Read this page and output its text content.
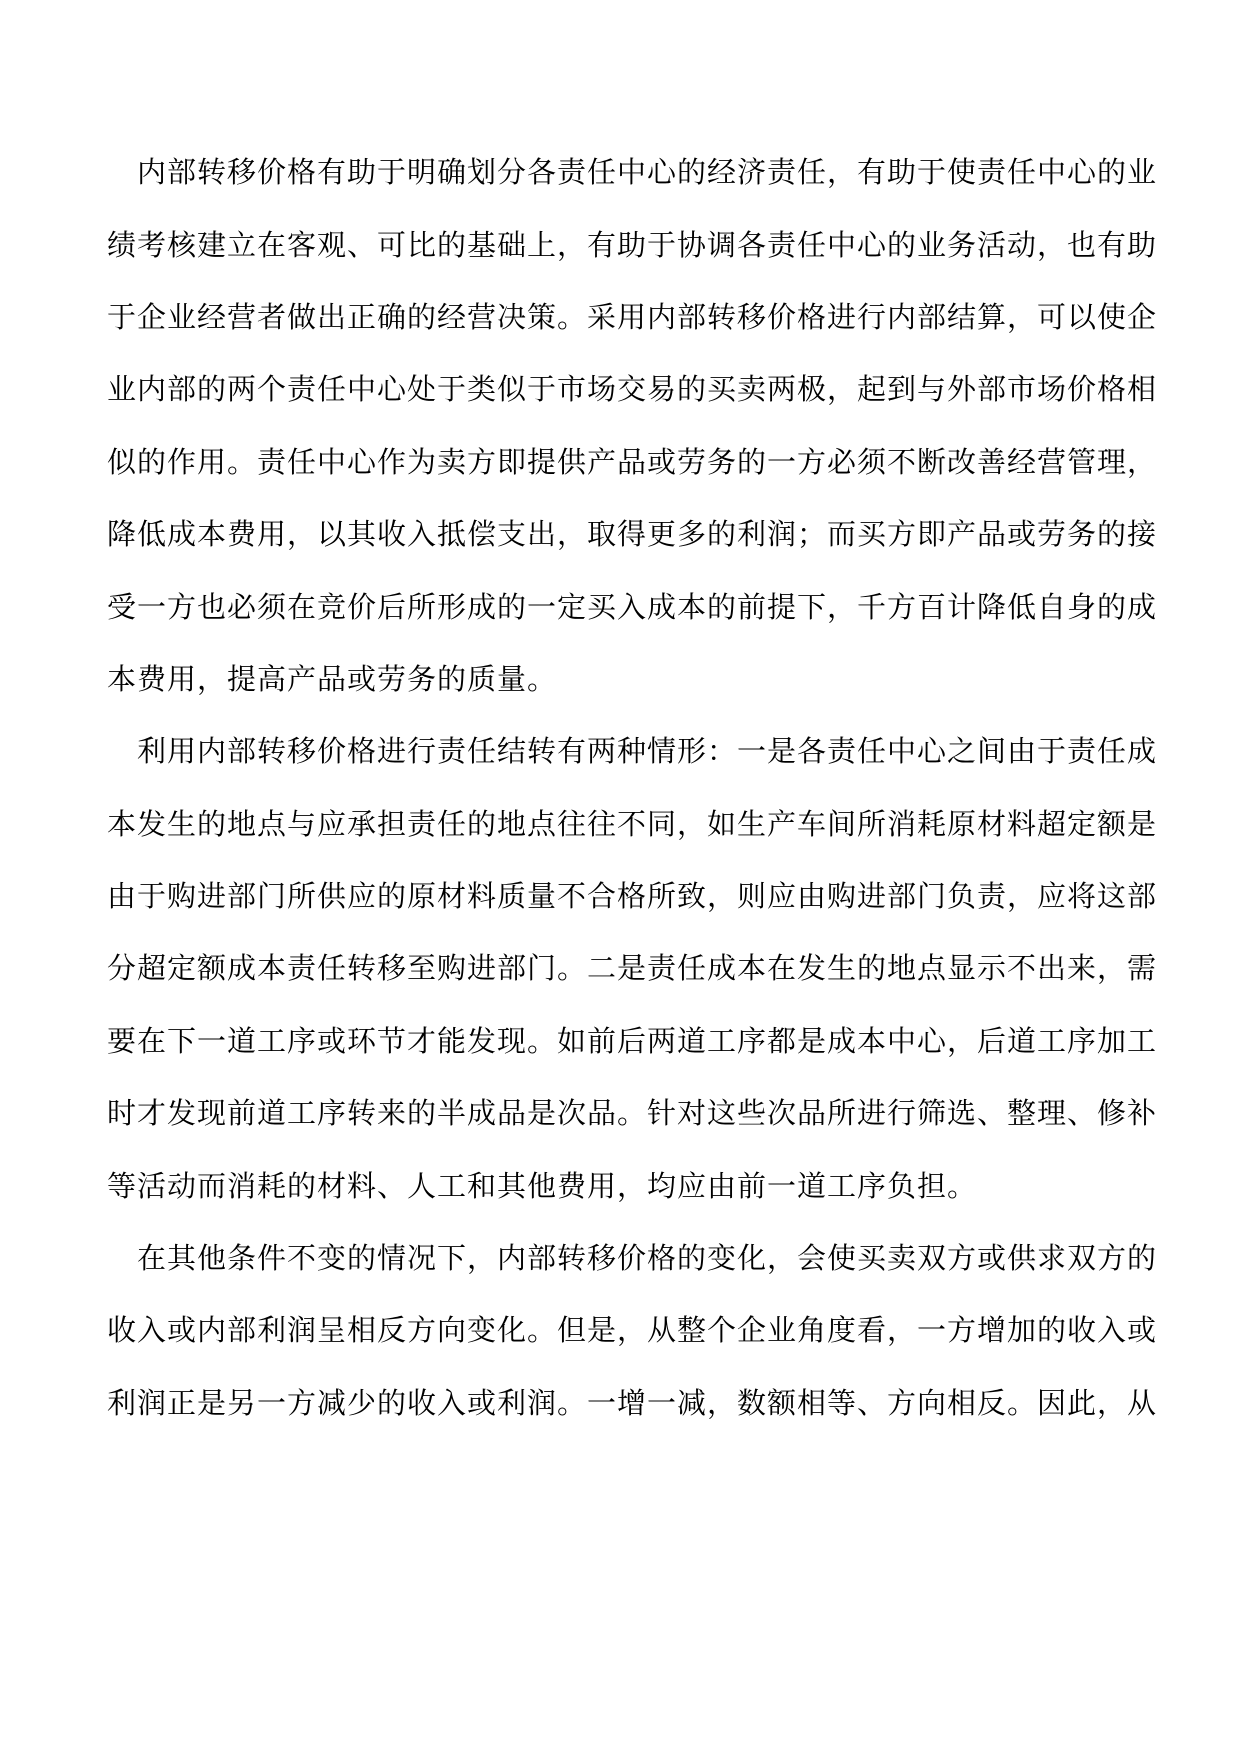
内部转移价格有助于明确划分各责任中心的经济责任，有助于使责任中心的业
绩考核建立在客观、可比的基础上，有助于协调各责任中心的业务活动，也有助
于企业经营者做出正确的经营决策。采用内部转移价格进行内部结算，可以使企
业内部的两个责任中心处于类似于市场交易的买卖两极，起到与外部市场价格相
似的作用。责任中心作为卖方即提供产品或劳务的一方必须不断改善经营管理，
降低成本费用，以其收入抵偿支出，取得更多的利润；而买方即产品或劳务的接
受一方也必须在竞价后所形成的一定买入成本的前提下，千方百计降低自身的成
本费用，提高产品或劳务的质量。
利用内部转移价格进行责任结转有两种情形：一是各责任中心之间由于责任成
本发生的地点与应承担责任的地点往往不同，如生产车间所消耗原材料超定额是
由于购进部门所供应的原材料质量不合格所致，则应由购进部门负责，应将这部
分超定额成本责任转移至购进部门。二是责任成本在发生的地点显示不出来，需
要在下一道工序或环节才能发现。如前后两道工序都是成本中心，后道工序加工
时才发现前道工序转来的半成品是次品。针对这些次品所进行筛选、整理、修补
等活动而消耗的材料、人工和其他费用，均应由前一道工序负担。
在其他条件不变的情况下，内部转移价格的变化，会使买卖双方或供求双方的
收入或内部利润呈相反方向变化。但是，从整个企业角度看，一方增加的收入或
利润正是另一方减少的收入或利润。一增一减，数额相等、方向相反。因此，从
